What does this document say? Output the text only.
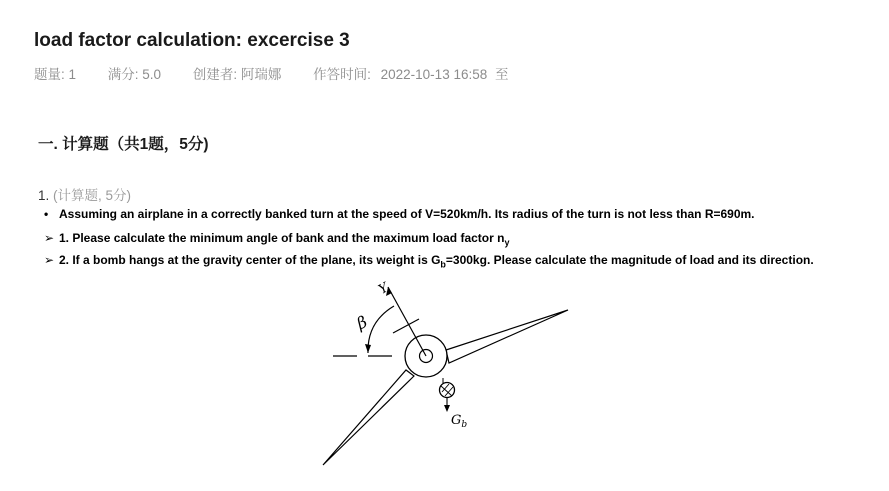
load factor calculation: excercise 3
题量: 1 满分: 5.0 创建者: 阿瑞娜 作答时间: 2022-10-13 16:58 至
一. 计算题（共1题，5分)
1. (计算题, 5分)
• Assuming an airplane in a correctly banked turn at the speed of V=520km/h. Its radius of the turn is not less than R=690m.
➢ 1. Please calculate the minimum angle of bank and the maximum load factor $n_y$
➢ 2. If a bomb hangs at the gravity center of the plane, its weight is $G_b=300kg$. Please calculate the magnitude of load and its direction.
β
Y
$G_b$
